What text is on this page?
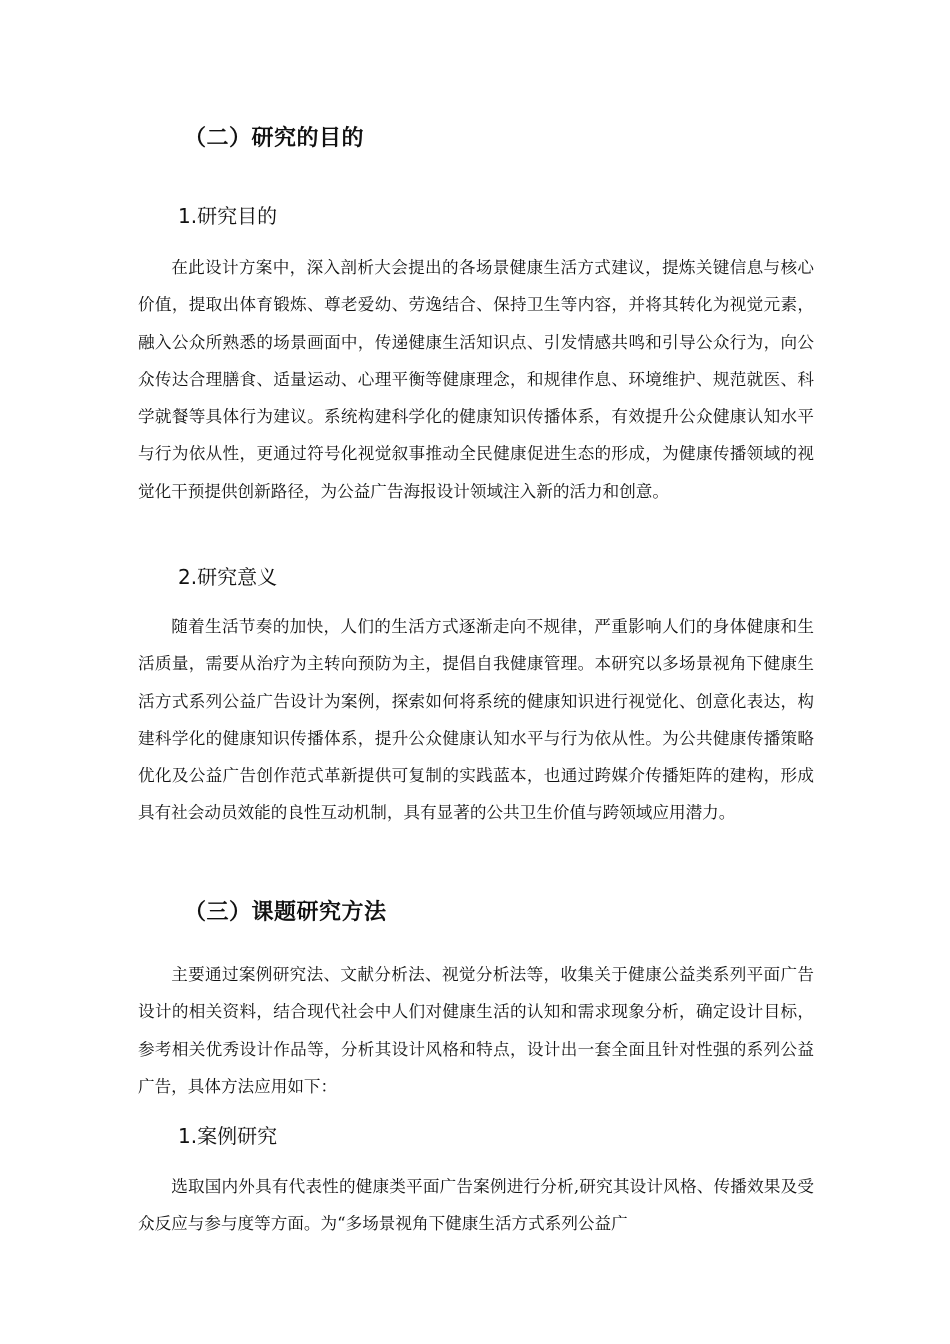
（二）研究的目的
1.研究目的

在此设计方案中，深入剖析大会提出的各场景健康生活方式建议，提炼关键信息与核心价值，提取出体育锻炼、尊老爱幼、劳逸结合、保持卫生等内容，并将其转化为视觉元素，融入公众所熟悉的场景画面中，传递健康生活知识点、引发情感共鸣和引导公众行为，向公众传达合理膳食、适量运动、心理平衡等健康理念，和规律作息、环境维护、规范就医、科学就餐等具体行为建议。系统构建科学化的健康知识传播体系，有效提升公众健康认知水平与行为依从性，更通过符号化视觉叙事推动全民健康促进生态的形成，为健康传播领域的视觉化干预提供创新路径，为公益广告海报设计领域注入新的活力和创意。

2.研究意义

随着生活节奏的加快，人们的生活方式逐渐走向不规律，严重影响人们的身体健康和生活质量，需要从治疗为主转向预防为主，提倡自我健康管理。本研究以多场景视角下健康生活方式系列公益广告设计为案例，探索如何将系统的健康知识进行视觉化、创意化表达，构建科学化的健康知识传播体系，提升公众健康认知水平与行为依从性。为公共健康传播策略优化及公益广告创作范式革新提供可复制的实践蓝本，也通过跨媒介传播矩阵的建构，形成具有社会动员效能的良性互动机制，具有显著的公共卫生价值与跨领域应用潜力。

（三）课题研究方法

主要通过案例研究法、文献分析法、视觉分析法等，收集关于健康公益类系列平面广告设计的相关资料，结合现代社会中人们对健康生活的认知和需求现象分析，确定设计目标，参考相关优秀设计作品等，分析其设计风格和特点，设计出一套全面且针对性强的系列公益广告，具体方法应用如下：

1.案例研究

选取国内外具有代表性的健康类平面广告案例进行分析,研究其设计风格、传播效果及受众反应与参与度等方面。为“多场景视角下健康生活方式系列公益广
